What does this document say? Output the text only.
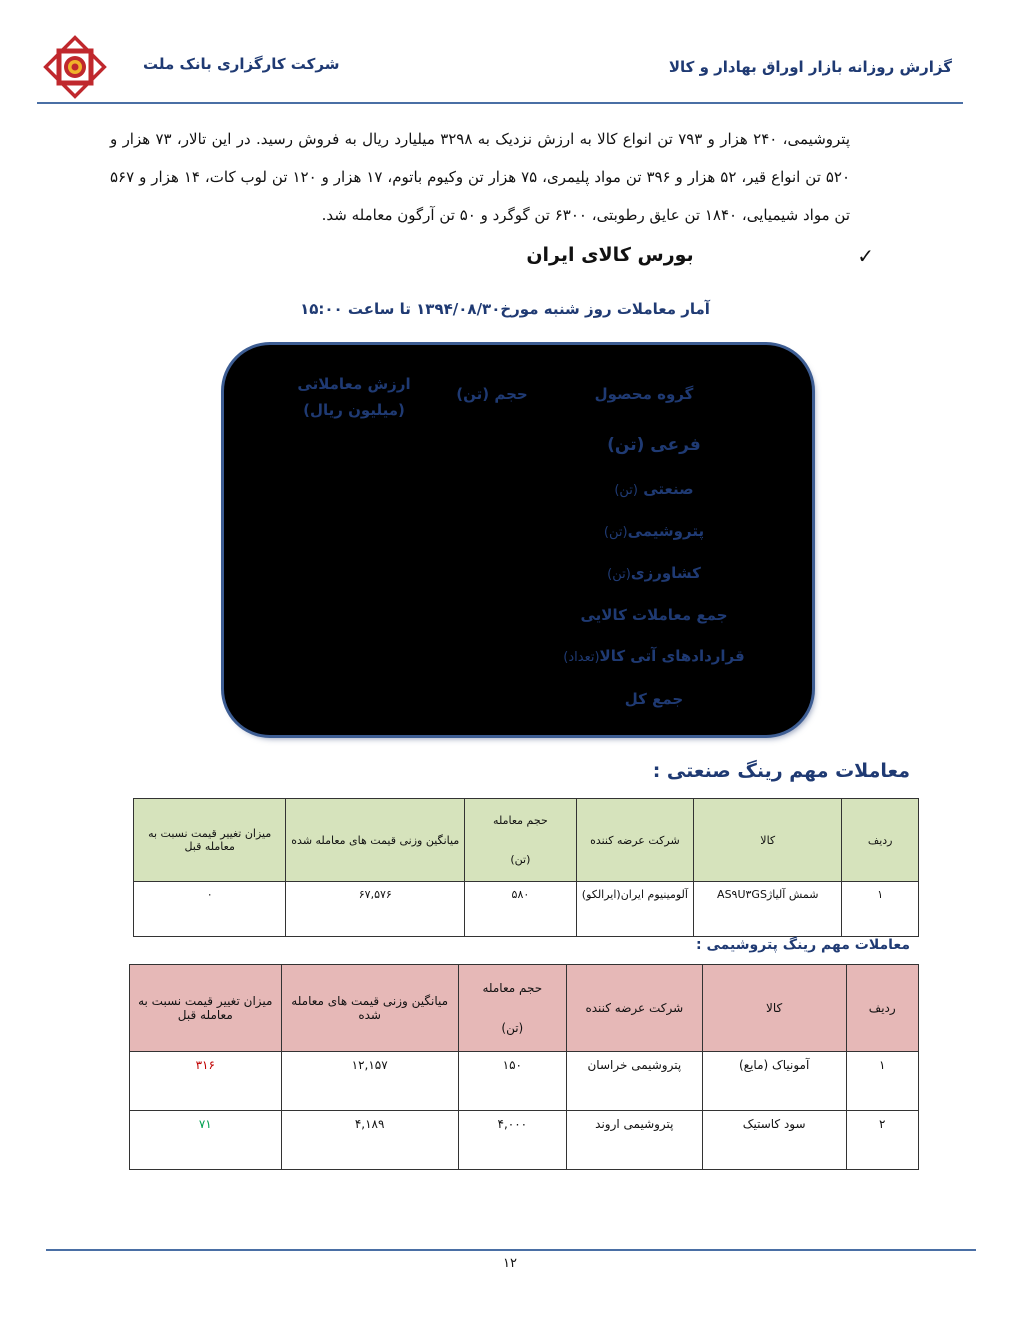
گزارش روزانه بازار اوراق بهادار و کالا
شرکت کارگزاری بانک ملت
پتروشیمی، ۲۴۰ هزار و ۷۹۳ تن انواع کالا به ارزش نزدیک به ۳۲۹۸ میلیارد ریال به فروش رسید. در این تالار، ۷۳ هزار و ۵۲۰ تن انواع قیر، ۵۲ هزار و ۳۹۶ تن مواد پلیمری، ۷۵ هزار تن وکیوم باتوم، ۱۷ هزار و ۱۲۰ تن لوب کات، ۱۴ هزار و ۵۶۷ تن مواد شیمیایی، ۱۸۴۰ تن عایق رطوبتی، ۶۳۰۰ تن گوگرد و ۵۰ تن آرگون معامله شد.
✓
بورس کالای ایران
آمار معاملات روز شنبه مورخ۱۳۹۴/۰۸/۳۰ تا ساعت ۱۵:۰۰
ارزش معاملاتی (میلیون ریال)
حجم (تن)	گروه محصول
فرعی (تن)
صنعتی (تن)
پتروشیمی(تن)
کشاورزی(تن)
جمع معاملات کالایی
قراردادهای آتی کالا(تعداد)
جمع کل
معاملات مهم رینگ صنعتی :
ردیف	کالا	شرکت عرضه کننده	حجم معامله
(تن)	میانگین وزنی قیمت های معامله شده	میزان تغییر قیمت نسبت به معامله قبل
۱	شمش آلیاژAS۹U۳GS	آلومینیوم ایران(ایرالکو)	۵۸۰	۶۷,۵۷۶	۰
معاملات مهم رینگ پتروشیمی :
ردیف	کالا	شرکت عرضه کننده	حجم معامله
(تن)	میانگین وزنی قیمت های معامله شده	میزان تغییر قیمت نسبت به معامله قبل
۱	آمونیاک (مایع)	پتروشیمی خراسان	۱۵۰	۱۲,۱۵۷	۳۱۶
۲	سود کاستیک	پتروشیمی اروند	۴,۰۰۰	۴,۱۸۹	۷۱
۱۲
